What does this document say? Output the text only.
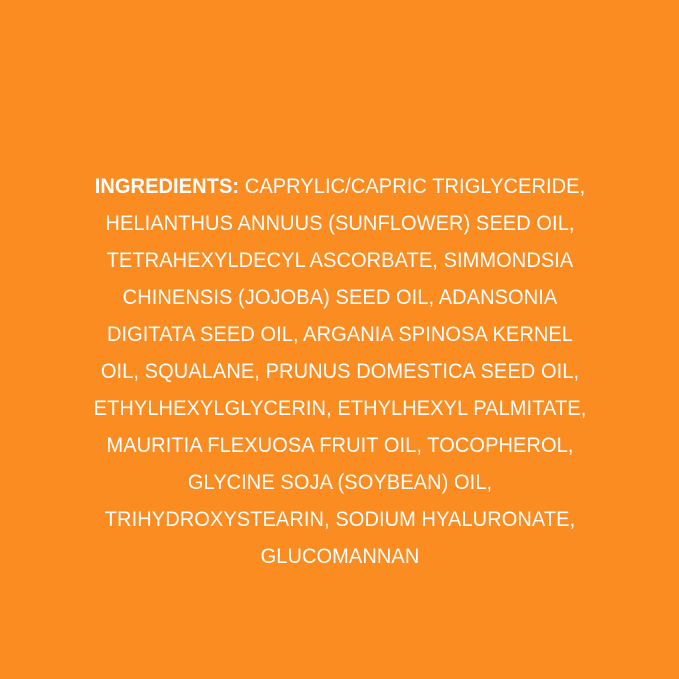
INGREDIENTS: CAPRYLIC/CAPRIC TRIGLYCERIDE, HELIANTHUS ANNUUS (SUNFLOWER) SEED OIL, TETRAHEXYLDECYL ASCORBATE, SIMMONDSIA CHINENSIS (JOJOBA) SEED OIL, ADANSONIA DIGITATA SEED OIL, ARGANIA SPINOSA KERNEL OIL, SQUALANE, PRUNUS DOMESTICA SEED OIL, ETHYLHEXYLGLYCERIN, ETHYLHEXYL PALMITATE, MAURITIA FLEXUOSA FRUIT OIL, TOCOPHEROL, GLYCINE SOJA (SOYBEAN) OIL, TRIHYDROXYSTEARIN, SODIUM HYALURONATE, GLUCOMANNAN
